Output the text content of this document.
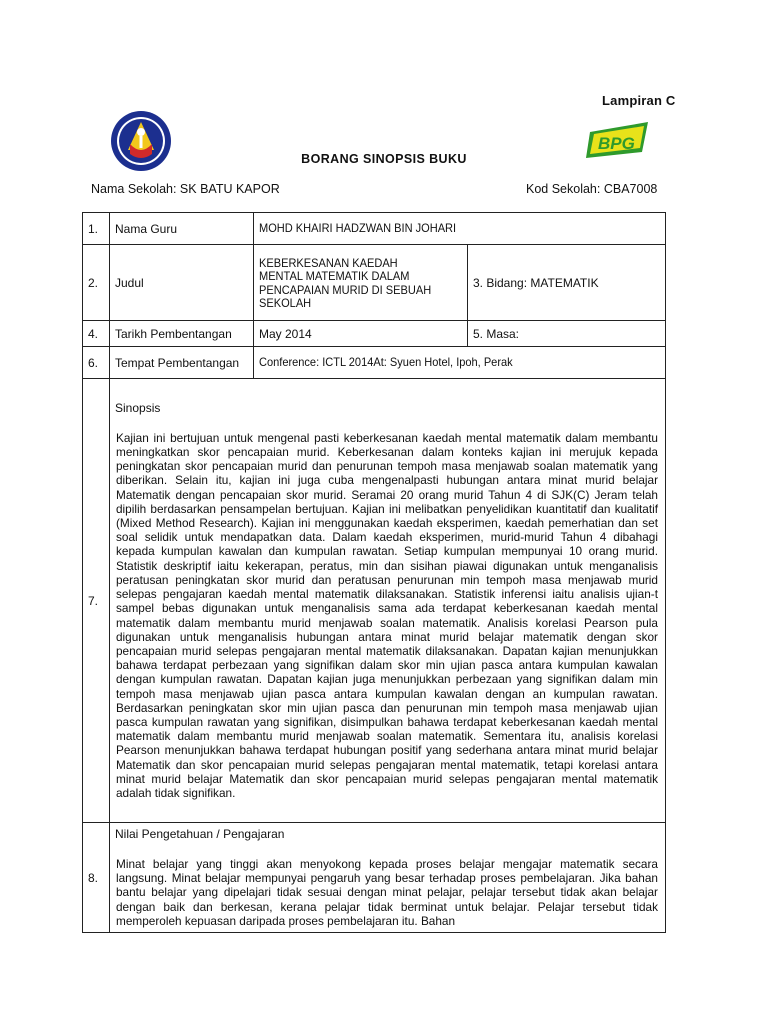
Lampiran C
BPG
BORANG SINOPSIS BUKU
Nama Sekolah: SK BATU KAPOR	Kod Sekolah: CBA7008
1.	Nama Guru	MOHD KHAIRI HADZWAN BIN JOHARI	
2.	Judul	KEBERKESANAN KAEDAH
MENTAL MATEMATIK DALAM
PENCAPAIAN MURID DI SEBUAH
SEKOLAH	3. Bidang: MATEMATIK
4.	Tarikh Pembentangan	May 2014	5. Masa:
6.	Tempat Pembentangan	Conference: ICTL 2014At: Syuen Hotel, Ipoh, Perak	
7.	Sinopsis
Kajian ini bertujuan untuk mengenal pasti keberkesanan kaedah mental matematik dalam membantu meningkatkan skor pencapaian murid. Keberkesanan dalam konteks kajian ini merujuk kepada peningkatan skor pencapaian murid dan penurunan tempoh masa menjawab soalan matematik yang diberikan. Selain itu, kajian ini juga cuba mengenalpasti hubungan antara minat murid belajar Matematik dengan pencapaian skor murid. Seramai 20 orang murid Tahun 4 di SJK(C) Jeram telah dipilih berdasarkan pensampelan bertujuan. Kajian ini melibatkan penyelidikan kuantitatif dan kualitatif (Mixed Method Research). Kajian ini menggunakan kaedah eksperimen, kaedah pemerhatian dan set soal selidik untuk mendapatkan data. Dalam kaedah eksperimen, murid-murid Tahun 4 dibahagi kepada kumpulan kawalan dan kumpulan rawatan. Setiap kumpulan mempunyai 10 orang murid. Statistik deskriptif iaitu kekerapan, peratus, min dan sisihan piawai digunakan untuk menganalisis peratusan peningkatan skor murid dan peratusan penurunan min tempoh masa menjawab murid selepas pengajaran kaedah mental matematik dilaksanakan. Statistik inferensi iaitu analisis ujian-t sampel bebas digunakan untuk menganalisis sama ada terdapat keberkesanan kaedah mental matematik dalam membantu murid menjawab soalan matematik. Analisis korelasi Pearson pula digunakan untuk menganalisis hubungan antara minat murid belajar matematik dengan skor pencapaian murid selepas pengajaran mental matematik dilaksanakan. Dapatan kajian menunjukkan bahawa terdapat perbezaan yang signifikan dalam skor min ujian pasca antara kumpulan kawalan dengan kumpulan rawatan. Dapatan kajian juga menunjukkan perbezaan yang signifikan dalam min tempoh masa menjawab ujian pasca antara kumpulan kawalan dengan an kumpulan rawatan. Berdasarkan peningkatan skor min ujian pasca dan penurunan min tempoh masa menjawab ujian pasca kumpulan rawatan yang signifikan, disimpulkan bahawa terdapat keberkesanan kaedah mental matematik dalam membantu murid menjawab soalan matematik. Sementara itu, analisis korelasi Pearson menunjukkan bahawa terdapat hubungan positif yang sederhana antara minat murid belajar Matematik dan skor pencapaian murid selepas pengajaran mental matematik, tetapi korelasi antara minat murid belajar Matematik dan skor pencapaian murid selepas pengajaran mental matematik adalah tidak signifikan.		

8.	Nilai Pengetahuan / Pengajaran
Minat belajar yang tinggi akan menyokong kepada proses belajar mengajar matematik secara langsung. Minat belajar mempunyai pengaruh yang besar terhadap proses pembelajaran. Jika bahan bantu belajar yang dipelajari tidak sesuai dengan minat pelajar, pelajar tersebut tidak akan belajar dengan baik dan berkesan, kerana pelajar tidak berminat untuk belajar. Pelajar tersebut tidak memperoleh kepuasan daripada proses pembelajaran itu. Bahan		
